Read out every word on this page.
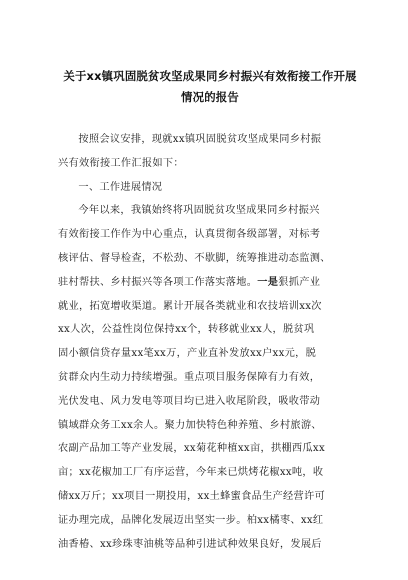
关于xx镇巩固脱贫攻坚成果同乡村振兴有效衔接工作开展
情况的报告

按照会议安排，现就xx镇巩固脱贫攻坚成果同乡村振

兴有效衔接工作汇报如下：

一、工作进展情况

今年以来，我镇始终将巩固脱贫攻坚成果同乡村振兴

有效衔接工作作为中心重点，认真贯彻各级部署，对标考

核评估、督导检查，不松劲、不歇脚，统筹推进动态监测、

驻村帮扶、乡村振兴等各项工作落实落地。一是狠抓产业

就业，拓宽增收渠道。累计开展各类就业和农技培训xx次

xx人次，公益性岗位保持xx个，转移就业xx人，脱贫巩

固小额信贷存量xx笔xx万，产业直补发放xx户xx元，脱

贫群众内生动力持续增强。重点项目服务保障有力有效，

光伏发电、风力发电等项目均已进入收尾阶段，吸收带动

镇域群众务工xx余人。聚力加快特色种养殖、乡村旅游、

农副产品加工等产业发展，xx菊花种植xx亩，拱棚西瓜xx

亩；xx花椒加工厂有序运营，今年来已烘烤花椒xx吨，收

储xx万斤；xx项目一期投用，xx土蜂蜜食品生产经营许可

证办理完成，品牌化发展迈出坚实一步。柏xx橘枣、xx红

油香椿、xx珍珠枣油桃等品种引进试种效果良好，发展后
